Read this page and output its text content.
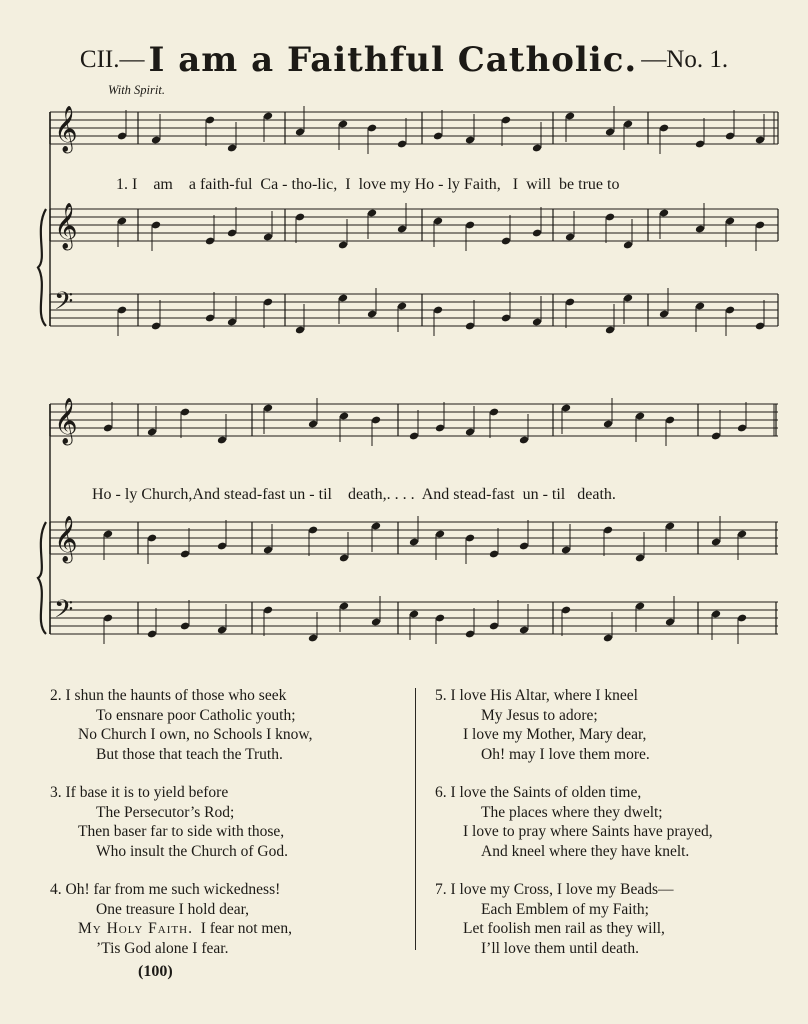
CII.— I am a Faithful Catholic. —No. 1.
With Spirit.
𝄞
𝄞
𝄢
1. I    am    a faith-ful  Ca - tho-lic,  I  love my Ho - ly Faith,   I  will  be true to
𝄞
𝄞
𝄢
Ho - ly Church,And stead-fast un - til    death,. . . .  And stead-fast  un - til   death.
2. I shun the haunts of those who seek
To ensnare poor Catholic youth;
No Church I own, no Schools I know,
But those that teach the Truth.
3. If base it is to yield before
The Persecutor’s Rod;
Then baser far to side with those,
Who insult the Church of God.
4. Oh! far from me such wickedness!
One treasure I hold dear,
My Holy Faith. I fear not men,
’Tis God alone I fear.
5. I love His Altar, where I kneel
My Jesus to adore;
I love my Mother, Mary dear,
Oh! may I love them more.
6. I love the Saints of olden time,
The places where they dwelt;
I love to pray where Saints have prayed,
And kneel where they have knelt.
7. I love my Cross, I love my Beads—
Each Emblem of my Faith;
Let foolish men rail as they will,
I’ll love them until death.
(100)
